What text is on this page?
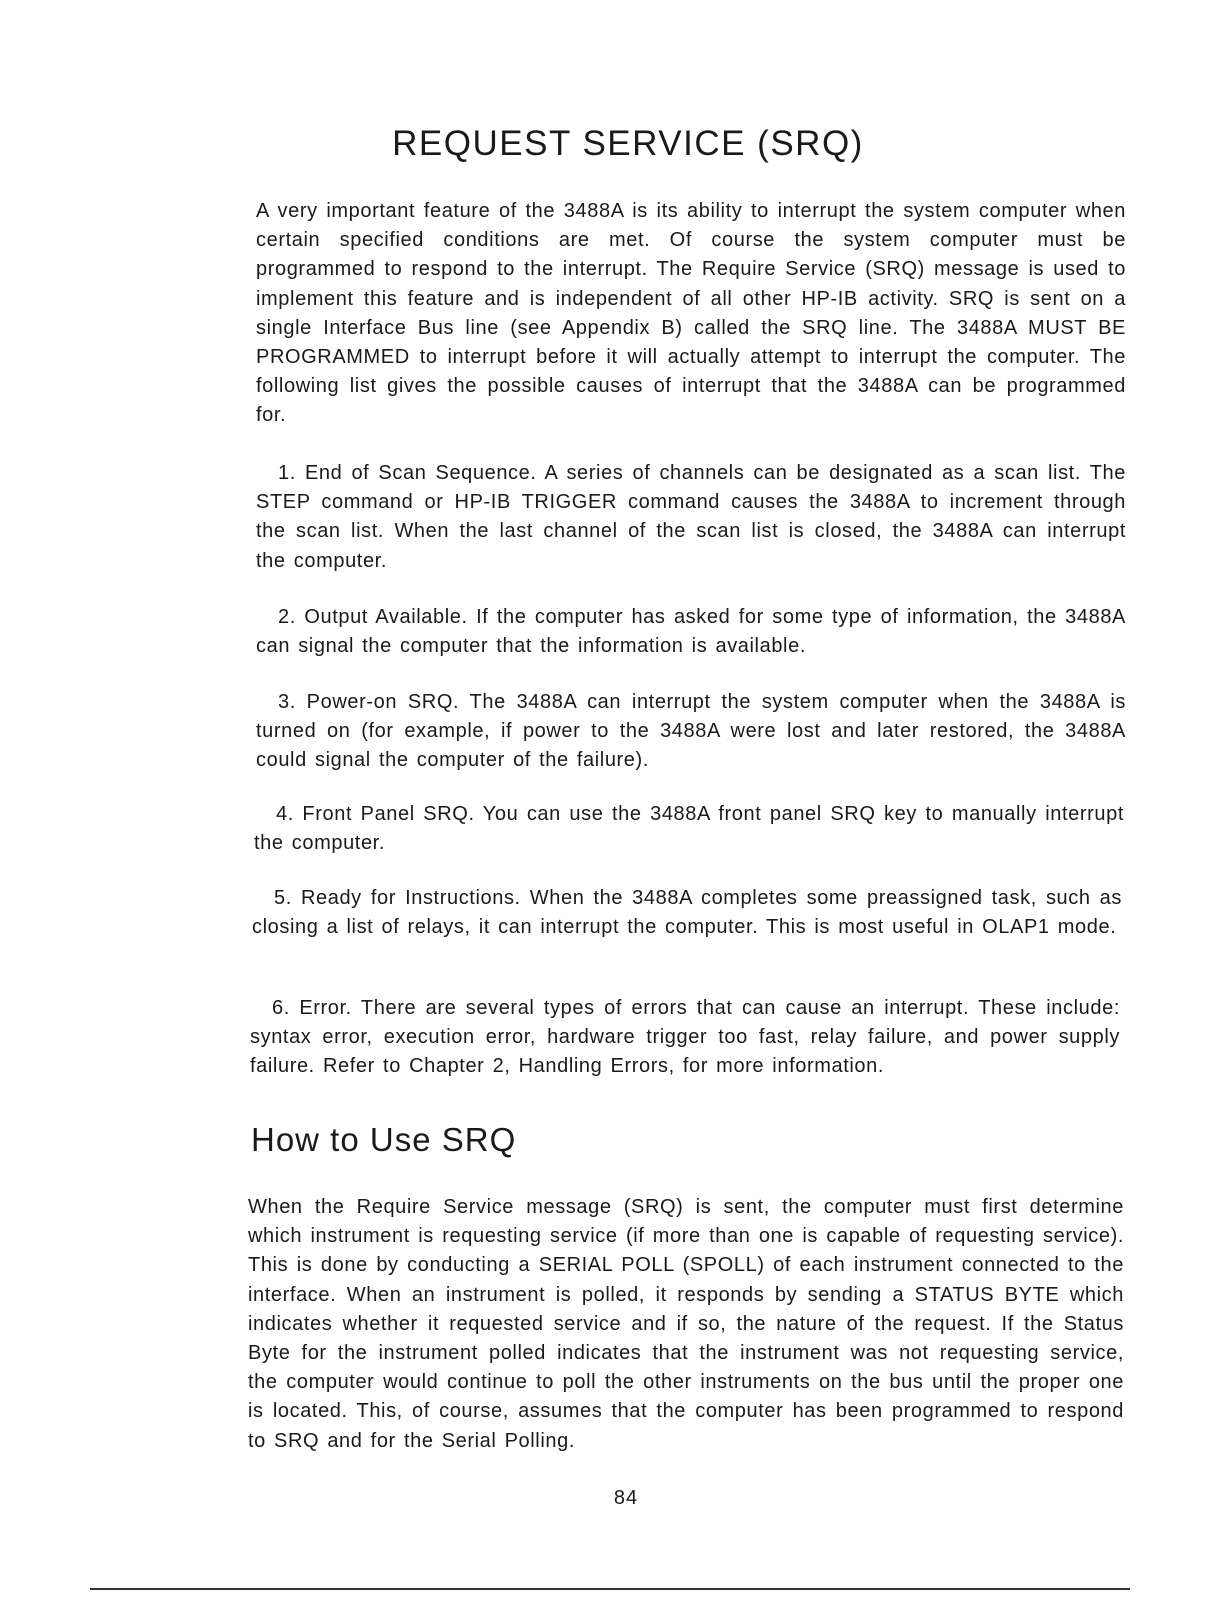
REQUEST SERVICE (SRQ)

A very important feature of the 3488A is its ability to interrupt the system computer when certain specified conditions are met. Of course the system computer must be programmed to respond to the interrupt. The Require Service (SRQ) message is used to implement this feature and is independent of all other HP-IB activity. SRQ is sent on a single Interface Bus line (see Appendix B) called the SRQ line. The 3488A MUST BE PROGRAMMED to interrupt before it will actually attempt to interrupt the computer. The following list gives the possible causes of interrupt that the 3488A can be programmed for.

1. End of Scan Sequence. A series of channels can be designated as a scan list. The STEP command or HP-IB TRIGGER command causes the 3488A to increment through the scan list. When the last channel of the scan list is closed, the 3488A can interrupt the computer.

2. Output Available. If the computer has asked for some type of information, the 3488A can signal the computer that the information is available.

3. Power-on SRQ. The 3488A can interrupt the system computer when the 3488A is turned on (for example, if power to the 3488A were lost and later restored, the 3488A could signal the computer of the failure).

4. Front Panel SRQ. You can use the 3488A front panel SRQ key to manually interrupt the computer.

5. Ready for Instructions. When the 3488A completes some preassigned task, such as closing a list of relays, it can interrupt the computer. This is most useful in OLAP1 mode.

6. Error. There are several types of errors that can cause an interrupt. These include: syntax error, execution error, hardware trigger too fast, relay failure, and power supply failure. Refer to Chapter 2, Handling Errors, for more information.

How to Use SRQ

When the Require Service message (SRQ) is sent, the computer must first determine which instrument is requesting service (if more than one is capable of requesting service). This is done by conducting a SERIAL POLL (SPOLL) of each instrument connected to the interface. When an instrument is polled, it responds by sending a STATUS BYTE which indicates whether it requested service and if so, the nature of the request. If the Status Byte for the instrument polled indicates that the instrument was not requesting service, the computer would continue to poll the other instruments on the bus until the proper one is located. This, of course, assumes that the computer has been programmed to respond to SRQ and for the Serial Polling.

84
